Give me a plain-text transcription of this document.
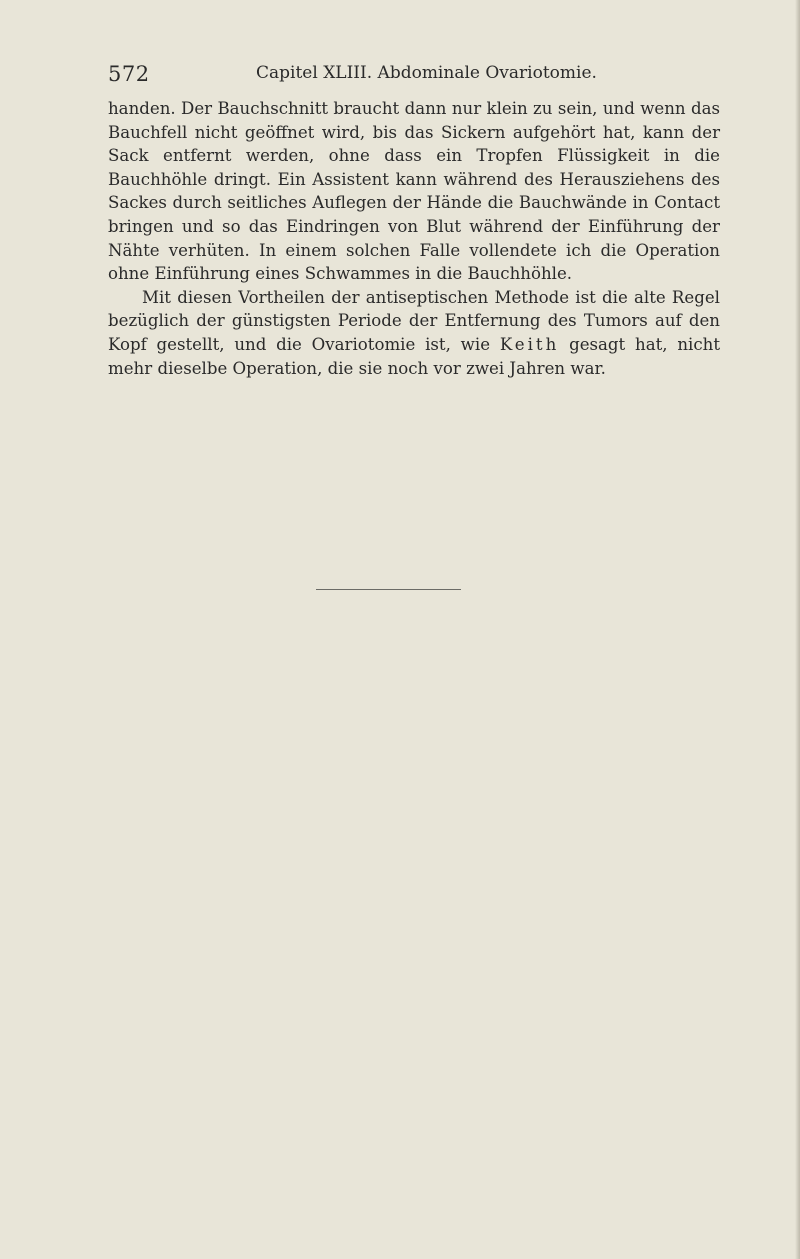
572	Capitel XLIII. Abdominale Ovariotomie.

handen. Der Bauchschnitt braucht dann nur klein zu sein, und wenn das Bauchfell nicht geöffnet wird, bis das Sickern aufgehört hat, kann der Sack entfernt werden, ohne dass ein Tropfen Flüssigkeit in die Bauchhöhle dringt. Ein Assistent kann während des Herausziehens des Sackes durch seitliches Auflegen der Hände die Bauchwände in Contact bringen und so das Eindringen von Blut während der Einführung der Nähte verhüten. In einem solchen Falle vollendete ich die Operation ohne Einführung eines Schwammes in die Bauchhöhle.

Mit diesen Vortheilen der antiseptischen Methode ist die alte Regel bezüglich der günstigsten Periode der Entfernung des Tumors auf den Kopf gestellt, und die Ovariotomie ist, wie Keith gesagt hat, nicht mehr dieselbe Operation, die sie noch vor zwei Jahren war.
